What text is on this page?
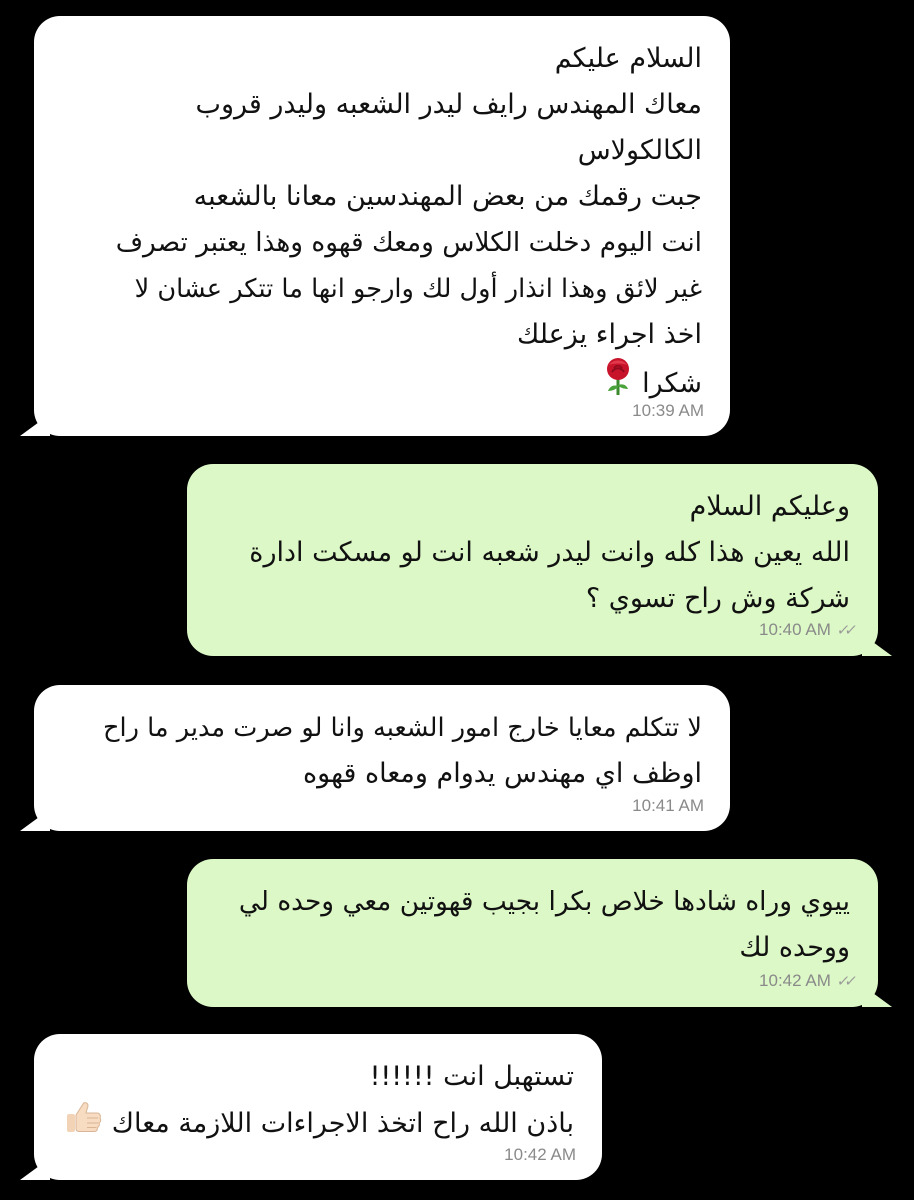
السلام عليكم
معاك المهندس رايف ليدر الشعبه وليدر قروب
الكالكولاس
جبت رقمك من بعض المهندسين معانا بالشعبه
انت اليوم دخلت الكلاس ومعك قهوه وهذا يعتبر تصرف
غير لائق وهذا انذار أول لك وارجو انها ما تتكر عشان لا
اخذ اجراء يزعلك
شكرا
10:39 AM
وعليكم السلام
الله يعين هذا كله وانت ليدر شعبه انت لو مسكت ادارة
شركة وش راح تسوي ؟
10:40 AM ✓✓
لا تتكلم معايا خارج امور الشعبه وانا لو صرت مدير ما راح
اوظف اي مهندس يدوام ومعاه قهوه
10:41 AM
ييوي وراه شادها خلاص بكرا بجيب قهوتين معي وحده لي
ووحده لك
10:42 AM ✓✓
تستهبل انت !!!!!!
باذن الله راح اتخذ الاجراءات اللازمة معاك
10:42 AM
